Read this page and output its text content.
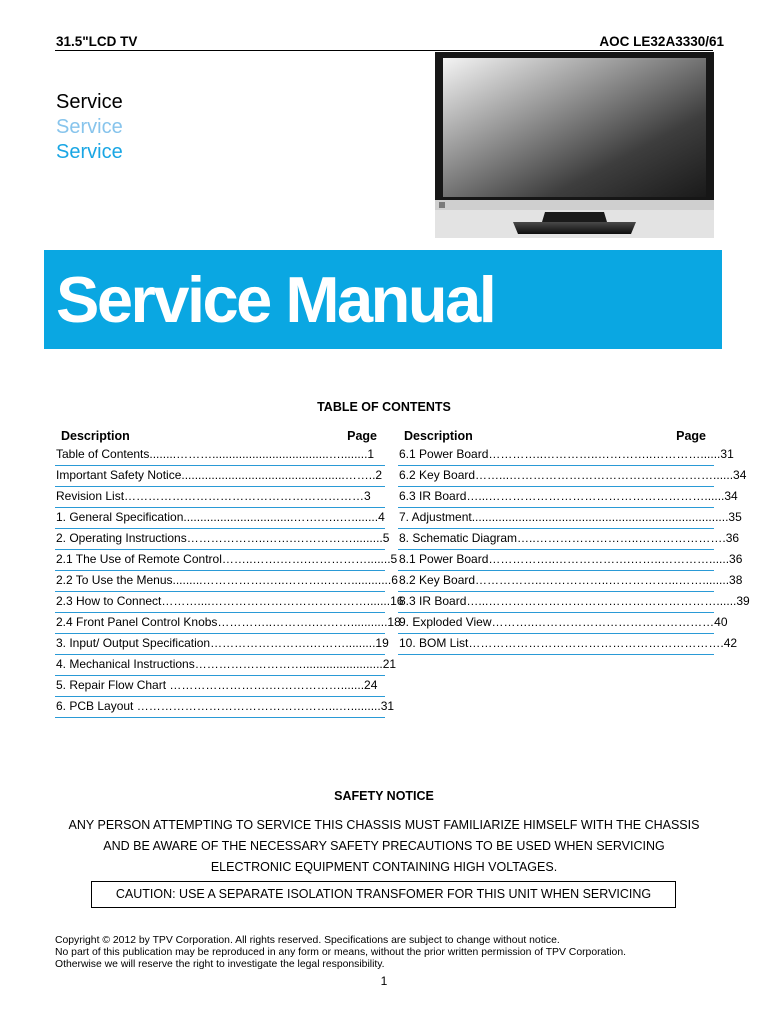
31.5"LCD TV	AOC LE32A3330/61
Service
Service
Service
Service Manual
TABLE OF CONTENTS
Description	Page
Table of Contents........………...................................…........1
Important Safety Notice.................................................……..2
Revision List……………………………………………………3
1. General Specification.................................…….…..…........4
2. Operating Instructions………………..…….…………….........5
2.1 The Use of Remote Control……..…….…….…………….......5
2.2 To Use the Menus.........…………….…..………..……............6
2.3 How to Connect………....………………………………….......16
2.4 Front Panel Control Knobs…………..……….….……...........18
3. Input/ Output Specification…………………….……….........19
4. Mechanical Instructions………………………........................21
5. Repair Flow Chart …………………….……………….......24
6. PCB Layout …………………………………………...….........31
Description	Page
6.1 Power Board…………..…………..…………..…………......31
6.2 Key Board……...……………………………………………......34
6.3 IR Board…...………………………………………………......34
7. Adjustment.............................................................................35
8. Schematic Diagram…..……………………..………………….36
8.1 Power Board……………..……………….……..…………......36
8.2 Key Board……………..……………..……………...……........38
8.3 IR Board…...…………………………………………………......39
9. Exploded View………..………………………………………40
10. BOM List……………………………………………………….42
SAFETY NOTICE
ANY PERSON ATTEMPTING TO SERVICE THIS CHASSIS MUST FAMILIARIZE HIMSELF WITH THE CHASSIS
AND BE AWARE OF THE NECESSARY SAFETY PRECAUTIONS TO BE USED WHEN SERVICING
ELECTRONIC EQUIPMENT CONTAINING HIGH VOLTAGES.
CAUTION: USE A SEPARATE ISOLATION TRANSFOMER FOR THIS UNIT WHEN SERVICING
Copyright © 2012 by TPV Corporation. All rights reserved. Specifications are subject to change without notice.
No part of this publication may be reproduced in any form or means, without the prior written permission of TPV Corporation.
Otherwise we will reserve the right to investigate the legal responsibility.
1
